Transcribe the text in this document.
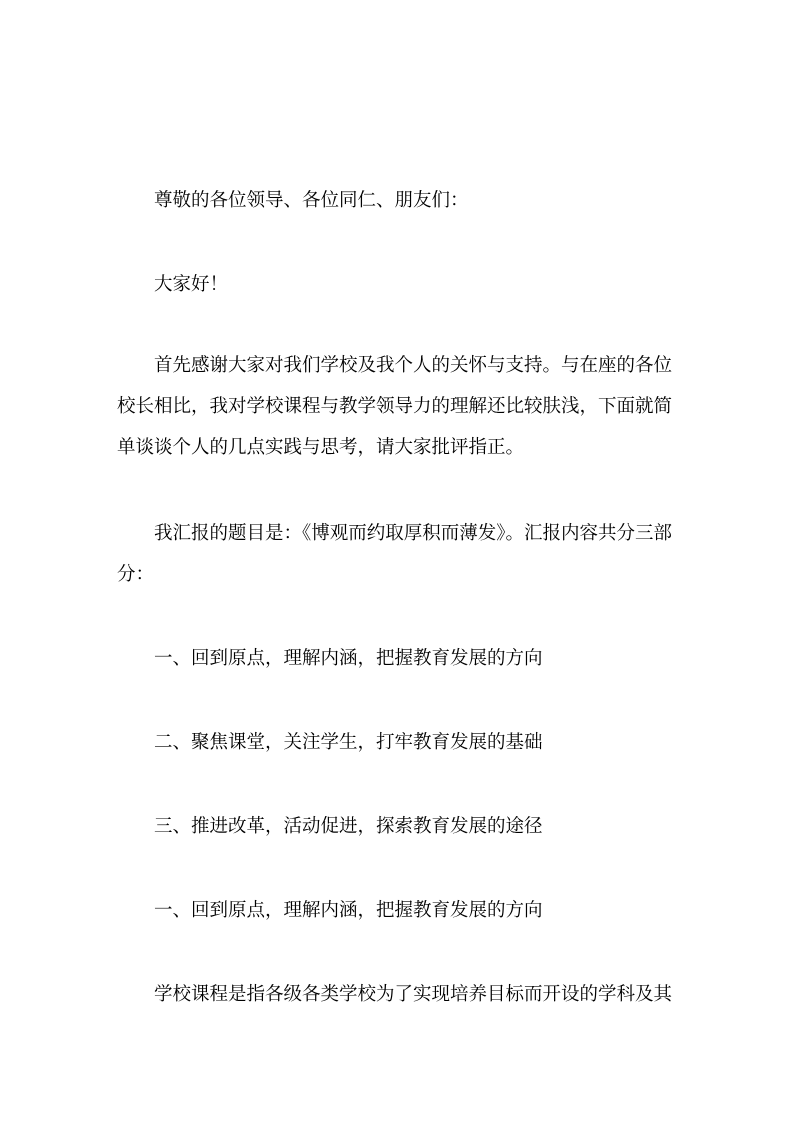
尊敬的各位领导、各位同仁、朋友们：
大家好！
首先感谢大家对我们学校及我个人的关怀与支持。与在座的各位
校长相比，我对学校课程与教学领导力的理解还比较肤浅，下面就简
单谈谈个人的几点实践与思考，请大家批评指正。
我汇报的题目是：《博观而约取厚积而薄发》。汇报内容共分三部
分：
一、回到原点，理解内涵，把握教育发展的方向
二、聚焦课堂，关注学生，打牢教育发展的基础
三、推进改革，活动促进，探索教育发展的途径
一、回到原点，理解内涵，把握教育发展的方向
学校课程是指各级各类学校为了实现培养目标而开设的学科及其
